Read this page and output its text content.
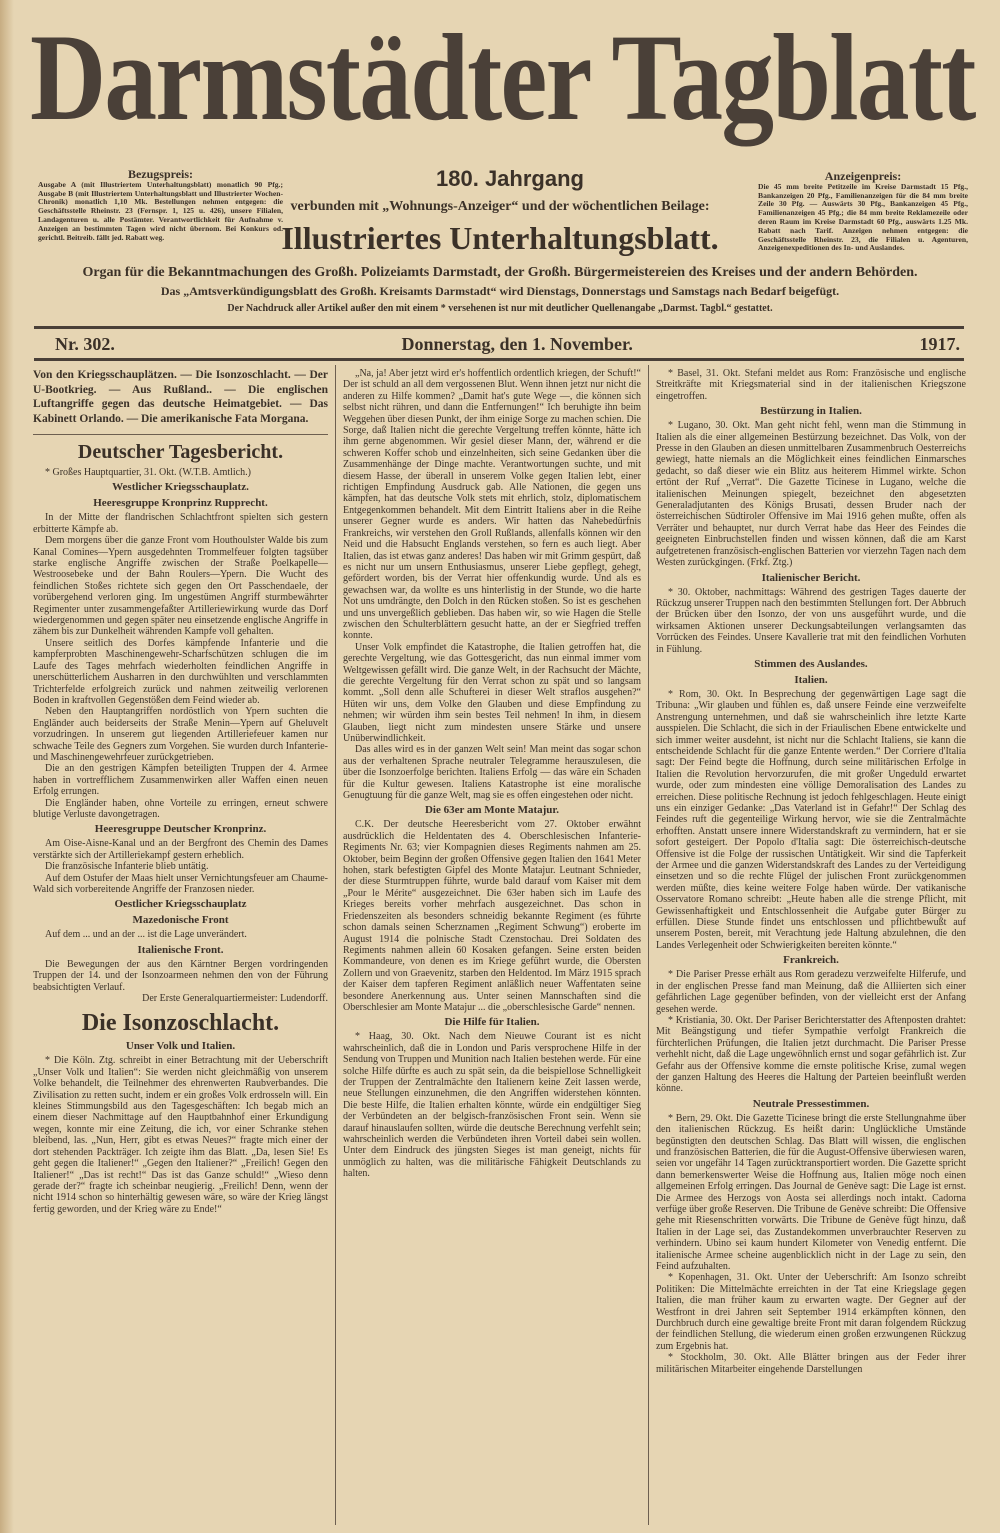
Darmstädter Tagblatt
Bezugspreis:
Ausgabe A (mit Illustriertem Unterhaltungsblatt) monatlich 90 Pfg.; Ausgabe B (mit Illustriertem Unterhaltungsblatt und Illustrierter Wochen-Chronik) monatlich 1,10 Mk. Bestellungen nehmen entgegen: die Geschäftsstelle Rheinstr. 23 (Fernspr. 1, 125 u. 426), unsere Filialen, Landagenturen u. alle Postämter. Verantwortlichkeit für Aufnahme v. Anzeigen an bestimmten Tagen wird nicht übernom. Bei Konkurs od. gerichtl. Beitreib. fällt jed. Rabatt weg.
Anzeigenpreis:
Die 45 mm breite Petitzeile im Kreise Darmstadt 15 Pfg., Bankanzeigen 20 Pfg., Familienanzeigen für die 84 mm breite Zeile 30 Pfg. — Auswärts 30 Pfg., Bankanzeigen 45 Pfg., Familienanzeigen 45 Pfg.; die 84 mm breite Reklamezeile oder deren Raum im Kreise Darmstadt 60 Pfg., auswärts 1.25 Mk. Rabatt nach Tarif. Anzeigen nehmen entgegen: die Geschäftsstelle Rheinstr. 23, die Filialen u. Agenturen, Anzeigenexpeditionen des In- und Auslandes.
180. Jahrgang
verbunden mit „Wohnungs-Anzeiger“ und der wöchentlichen Beilage:
Illustriertes Unterhaltungsblatt.
Organ für die Bekanntmachungen des Großh. Polizeiamts Darmstadt, der Großh. Bürgermeistereien des Kreises und der andern Behörden.
Das „Amtsverkündigungsblatt des Großh. Kreisamts Darmstadt“ wird Dienstags, Donnerstags und Samstags nach Bedarf beigefügt.
Der Nachdruck aller Artikel außer den mit einem * versehenen ist nur mit deutlicher Quellenangabe „Darmst. Tagbl.“ gestattet.
Nr. 302.	Donnerstag, den 1. November.	1917.

Von den Kriegsschauplätzen. — Die Isonzoschlacht. — Der U-Bootkrieg. — Aus Rußland.. — Die englischen Luftangriffe gegen das deutsche Heimatgebiet. — Das Kabinett Orlando. — Die amerikanische Fata Morgana.

Deutscher Tagesbericht.

* Großes Hauptquartier, 31. Okt. (W.T.B. Amtlich.)

Westlicher Kriegsschauplatz.
Heeresgruppe Kronprinz Rupprecht.

In der Mitte der flandrischen Schlachtfront spielten sich gestern erbitterte Kämpfe ab.

Dem morgens über die ganze Front vom Houthoulster Walde bis zum Kanal Comines—Ypern ausgedehnten Trommelfeuer folgten tagsüber starke englische Angriffe zwischen der Straße Poelkapelle—Westroosebeke und der Bahn Roulers—Ypern. Die Wucht des feindlichen Stoßes richtete sich gegen den Ort Passchendaele, der vorübergehend verloren ging. Im ungestümen Angriff sturmbewährter Regimenter unter zusammengefaßter Artilleriewirkung wurde das Dorf wiedergenommen und gegen später neu einsetzende englische Angriffe in zähem bis zur Dunkelheit währenden Kampfe voll gehalten.

Unsere seitlich des Dorfes kämpfende Infanterie und die kampferprobten Maschinengewehr-Scharfschützen schlugen die im Laufe des Tages mehrfach wiederholten feindlichen Angriffe in unerschütterlichem Ausharren in den durchwühlten und verschlammten Trichterfelde erfolgreich zurück und nahmen zeitweilig verlorenen Boden in kraftvollen Gegenstößen dem Feind wieder ab.

Neben den Hauptangriffen nordöstlich von Ypern suchten die Engländer auch beiderseits der Straße Menin—Ypern auf Gheluvelt vorzudringen. In unserem gut liegenden Artilleriefeuer kamen nur schwache Teile des Gegners zum Vorgehen. Sie wurden durch Infanterie- und Maschinengewehrfeuer zurückgetrieben.

Die an den gestrigen Kämpfen beteiligten Truppen der 4. Armee haben in vortrefflichem Zusammenwirken aller Waffen einen neuen Erfolg errungen.

Die Engländer haben, ohne Vorteile zu erringen, erneut schwere blutige Verluste davongetragen.

Heeresgruppe Deutscher Kronprinz.

Am Oise-Aisne-Kanal und an der Bergfront des Chemin des Dames verstärkte sich der Artilleriekampf gestern erheblich.

Die französische Infanterie blieb untätig.

Auf dem Ostufer der Maas hielt unser Vernichtungsfeuer am Chaume-Wald sich vorbereitende Angriffe der Franzosen nieder.

Oestlicher Kriegsschauplatz
Mazedonische Front

Auf dem ... und an der ... ist die Lage unverändert.

Italienische Front.

Die Bewegungen der aus den Kärntner Bergen vordringenden Truppen der 14. und der Isonzoarmeen nehmen den von der Führung beabsichtigten Verlauf.

Der Erste Generalquartiermeister: Ludendorff.

Die Isonzoschlacht.
Unser Volk und Italien.

* Die Köln. Ztg. schreibt in einer Betrachtung mit der Ueberschrift „Unser Volk und Italien“: Sie werden nicht gleichmäßig von unserem Volke behandelt, die Teilnehmer des ehrenwerten Raubverbandes. Die Zivilisation zu retten sucht, indem er ein großes Volk erdrosseln will. Ein kleines Stimmungsbild aus den Tagesgeschäften: Ich begab mich an einem dieser Nachmittage auf den Hauptbahnhof einer Erkundigung wegen, konnte mir eine Zeitung, die ich, vor einer Schranke stehen bleibend, las. „Nun, Herr, gibt es etwas Neues?“ fragte mich einer der dort stehenden Packträger. Ich zeigte ihm das Blatt. „Da, lesen Sie! Es geht gegen die Italiener!“ „Gegen den Italiener?“ „Freilich! Gegen den Italiener!“ „Das ist recht!“ Das ist das Ganze schuld!“ „Wieso denn gerade der?“ fragte ich scheinbar neugierig. „Freilich! Denn, wenn der nicht 1914 schon so hinterhältig gewesen wäre, so wäre der Krieg längst fertig geworden, und der Krieg wäre zu Ende!“

„Na, ja! Aber jetzt wird er's hoffentlich ordentlich kriegen, der Schuft!“ Der ist schuld an all dem vergossenen Blut. Wenn ihnen jetzt nur nicht die anderen zu Hilfe kommen? „Damit hat's gute Wege —, die können sich selbst nicht rühren, und dann die Entfernungen!“ Ich beruhigte ihn beim Weggehen über diesen Punkt, der ihm einige Sorge zu machen schien. Die Sorge, daß Italien nicht die gerechte Vergeltung treffen könnte, hätte ich ihm gerne abgenommen. Wir gesiel dieser Mann, der, während er die schweren Koffer schob und einzelnheiten, sich seine Gedanken über die Zusammenhänge der Dinge machte. Verantwortungen suchte, und mit diesem Hasse, der überall in unserem Volke gegen Italien lebt, einer richtigen Empfindung Ausdruck gab. Alle Nationen, die gegen uns kämpfen, hat das deutsche Volk stets mit ehrlich, stolz, diplomatischem Entgegenkommen behandelt. Mit dem Eintritt Italiens aber in die Reihe unserer Gegner wurde es anders. Wir hatten das Nahebedürfnis Frankreichs, wir verstehen den Groll Rußlands, allenfalls können wir den Neid und die Habsucht Englands verstehen, so fern es auch liegt. Aber Italien, das ist etwas ganz anderes! Das haben wir mit Grimm gespürt, daß es nicht nur um unsern Enthusiasmus, unserer Liebe gepflegt, gehegt, gefördert worden, bis der Verrat hier offenkundig wurde. Und als es gewachsen war, da wollte es uns hinterlistig in der Stunde, wo die harte Not uns umdrängte, den Dolch in den Rücken stoßen. So ist es geschehen und uns unvergeßlich geblieben. Das haben wir, so wie Hagen die Stelle zwischen den Schulterblättern gesucht hatte, an der er Siegfried treffen konnte.

Unser Volk empfindet die Katastrophe, die Italien getroffen hat, die gerechte Vergeltung, wie das Gottesgericht, das nun einmal immer vom Weltgewissen gefällt wird. Die ganze Welt, in der Rachsucht der Mächte, die gerechte Vergeltung für den Verrat schon zu spät und so langsam kommt. „Soll denn alle Schufterei in dieser Welt straflos ausgehen?“ Hüten wir uns, dem Volke den Glauben und diese Empfindung zu nehmen; wir würden ihm sein bestes Teil nehmen! In ihm, in diesem Glauben, liegt nicht zum mindesten unsere Stärke und unsere Unüberwindlichkeit.

Das alles wird es in der ganzen Welt sein! Man meint das sogar schon aus der verhaltenen Sprache neutraler Telegramme herauszulesen, die über die Isonzoerfolge berichten. Italiens Erfolg — das wäre ein Schaden für die Kultur gewesen. Italiens Katastrophe ist eine moralische Genugtuung für die ganze Welt, mag sie es offen eingestehen oder nicht.

Die 63er am Monte Matajur.

C.K. Der deutsche Heeresbericht vom 27. Oktober erwähnt ausdrücklich die Heldentaten des 4. Oberschlesischen Infanterie-Regiments Nr. 63; vier Kompagnien dieses Regiments nahmen am 25. Oktober, beim Beginn der großen Offensive gegen Italien den 1641 Meter hohen, stark befestigten Gipfel des Monte Matajur. Leutnant Schnieder, der diese Sturmtruppen führte, wurde bald darauf vom Kaiser mit dem „Pour le Mérite“ ausgezeichnet. Die 63er haben sich im Laufe des Krieges bereits vorher mehrfach ausgezeichnet. Das schon in Friedenszeiten als besonders schneidig bekannte Regiment (es führte schon damals seinen Scherznamen „Regiment Schwung“) eroberte im August 1914 die polnische Stadt Czenstochau. Drei Soldaten des Regiments nahmen allein 60 Kosaken gefangen. Seine ersten beiden Kommandeure, von denen es im Kriege geführt wurde, die Obersten Zollern und von Graevenitz, starben den Heldentod. Im März 1915 sprach der Kaiser dem tapferen Regiment anläßlich neuer Waffentaten seine besondere Anerkennung aus. Unter seinen Mannschaften sind die Oberschlesier am Monte Matajur ... die „oberschlesische Garde“ nennen.

Die Hilfe für Italien.

* Haag, 30. Okt. Nach dem Nieuwe Courant ist es nicht wahrscheinlich, daß die in London und Paris versprochene Hilfe in der Sendung von Truppen und Munition nach Italien bestehen werde. Für eine solche Hilfe dürfte es auch zu spät sein, da die beispiellose Schnelligkeit der Truppen der Zentralmächte den Italienern keine Zeit lassen werde, neue Stellungen einzunehmen, die den Angriffen widerstehen könnten. Die beste Hilfe, die Italien erhalten könnte, würde ein endgültiger Sieg der Verbündeten an der belgisch-französischen Front sein. Wenn sie darauf hinauslaufen sollten, würde die deutsche Berechnung verfehlt sein; wahrscheinlich werden die Verbündeten ihren Vorteil dabei sein wollen. Unter dem Eindruck des jüngsten Sieges ist man geneigt, nichts für unmöglich zu halten, was die militärische Fähigkeit Deutschlands zu halten.

* Basel, 31. Okt. Stefani meldet aus Rom: Französische und englische Streitkräfte mit Kriegsmaterial sind in der italienischen Kriegszone eingetroffen.

Bestürzung in Italien.

* Lugano, 30. Okt. Man geht nicht fehl, wenn man die Stimmung in Italien als die einer allgemeinen Bestürzung bezeichnet. Das Volk, von der Presse in den Glauben an diesen unmittelbaren Zusammenbruch Oesterreichs gewiegt, hatte niemals an die Möglichkeit eines feindlichen Einmarsches gedacht, so daß dieser wie ein Blitz aus heiterem Himmel wirkte. Schon ertönt der Ruf „Verrat“. Die Gazette Ticinese in Lugano, welche die italienischen Meinungen spiegelt, bezeichnet den abgesetzten Generaladjutanten des Königs Brusati, dessen Bruder nach der österreichischen Südtiroler Offensive im Mai 1916 gehen mußte, offen als Verräter und behauptet, nur durch Verrat habe das Heer des Feindes die geeigneten Einbruchstellen finden und wissen können, daß die am Karst aufgetretenen französisch-englischen Batterien vor vierzehn Tagen nach dem Westen zurückgingen. (Frkf. Ztg.)

Italienischer Bericht.

* 30. Oktober, nachmittags: Während des gestrigen Tages dauerte der Rückzug unserer Truppen nach den bestimmten Stellungen fort. Der Abbruch der Brücken über den Isonzo, der von uns ausgeführt wurde, und die wirksamen Aktionen unserer Deckungsabteilungen verlangsamten das Vorrücken des Feindes. Unsere Kavallerie trat mit den feindlichen Vorhuten in Fühlung.

Stimmen des Auslandes.
Italien.

* Rom, 30. Okt. In Besprechung der gegenwärtigen Lage sagt die Tribuna: „Wir glauben und fühlen es, daß unsere Feinde eine verzweifelte Anstrengung unternehmen, und daß sie wahrscheinlich ihre letzte Karte ausspielen. Die Schlacht, die sich in der Friaulischen Ebene entwickelte und sich immer weiter ausdehnt, ist nicht nur die Schlacht Italiens, sie kann die entscheidende Schlacht für die ganze Entente werden.“ Der Corriere d'Italia sagt: Der Feind begte die Hoffnung, durch seine militärischen Erfolge in Italien die Revolution hervorzurufen, die mit großer Ungeduld erwartet wurde, oder zum mindesten eine völlige Demoralisation des Landes zu erreichen. Diese politische Rechnung ist jedoch fehlgeschlagen. Heute einigt uns ein einziger Gedanke: „Das Vaterland ist in Gefahr!“ Der Schlag des Feindes ruft die gegenteilige Wirkung hervor, wie sie die Zentralmächte erhofften. Anstatt unsere innere Widerstandskraft zu vermindern, hat er sie sofort gesteigert. Der Popolo d'Italia sagt: Die österreichisch-deutsche Offensive ist die Folge der russischen Untätigkeit. Wir sind die Tapferkeit der Armee und die ganzen Widerstandskraft des Landes zu der Verteidigung einsetzen und so die rechte Flügel der julischen Front zurückgenommen werden müßte, dies keine weitere Folge haben würde. Der vatikanische Osservatore Romano schreibt: „Heute haben alle die strenge Pflicht, mit Gewissenhaftigkeit und Entschlossenheit die Aufgabe guter Bürger zu erfüllen. Diese Stunde findet uns entschlossen und pflichtbewußt auf unserem Posten, bereit, mit Verachtung jede Haltung abzulehnen, die den Landes Verlegenheit oder Schwierigkeiten bereiten könnte.“

Frankreich.

* Die Pariser Presse erhält aus Rom geradezu verzweifelte Hilferufe, und in der englischen Presse fand man Meinung, daß die Alliierten sich einer gefährlichen Lage gegenüber befinden, von der vielleicht erst der Anfang gesehen werde.

* Kristiania, 30. Okt. Der Pariser Berichterstatter des Aftenposten drahtet: Mit Beängstigung und tiefer Sympathie verfolgt Frankreich die fürchterlichen Prüfungen, die Italien jetzt durchmacht. Die Pariser Presse verhehlt nicht, daß die Lage ungewöhnlich ernst und sogar gefährlich ist. Zur Gefahr aus der Offensive komme die ernste politische Krise, zumal wegen der ganzen Haltung des Heeres die Haltung der Parteien beeinflußt werden könne.

Neutrale Pressestimmen.

* Bern, 29. Okt. Die Gazette Ticinese bringt die erste Stellungnahme über den italienischen Rückzug. Es heißt darin: Unglückliche Umstände begünstigten den deutschen Schlag. Das Blatt will wissen, die englischen und französischen Batterien, die für die August-Offensive überwiesen waren, seien vor ungefähr 14 Tagen zurücktransportiert worden. Die Gazette spricht dann bemerkenswerter Weise die Hoffnung aus, Italien möge noch einen allgemeinen Erfolg erringen. Das Journal de Genève sagt: Die Lage ist ernst. Die Armee des Herzogs von Aosta sei allerdings noch intakt. Cadorna verfüge über große Reserven. Die Tribune de Genève schreibt: Die Offensive gehe mit Riesenschritten vorwärts. Die Tribune de Genève fügt hinzu, daß Italien in der Lage sei, das Zustandekommen unverbrauchter Reserven zu verhindern. Ubino sei kaum hundert Kilometer von Venedig entfernt. Die italienische Armee scheine augenblicklich nicht in der Lage zu sein, den Feind aufzuhalten.

* Kopenhagen, 31. Okt. Unter der Ueberschrift: Am Isonzo schreibt Politiken: Die Mittelmächte erreichten in der Tat eine Kriegslage gegen Italien, die man früher kaum zu erwarten wagte. Der Gegner auf der Westfront in drei Jahren seit September 1914 erkämpften können, den Durchbruch durch eine gewaltige breite Front mit daran folgendem Rückzug der feindlichen Stellung, die wiederum einen großen erzwungenen Rückzug zum Ergebnis hat.

* Stockholm, 30. Okt. Alle Blätter bringen aus der Feder ihrer militärischen Mitarbeiter eingehende Darstellungen
